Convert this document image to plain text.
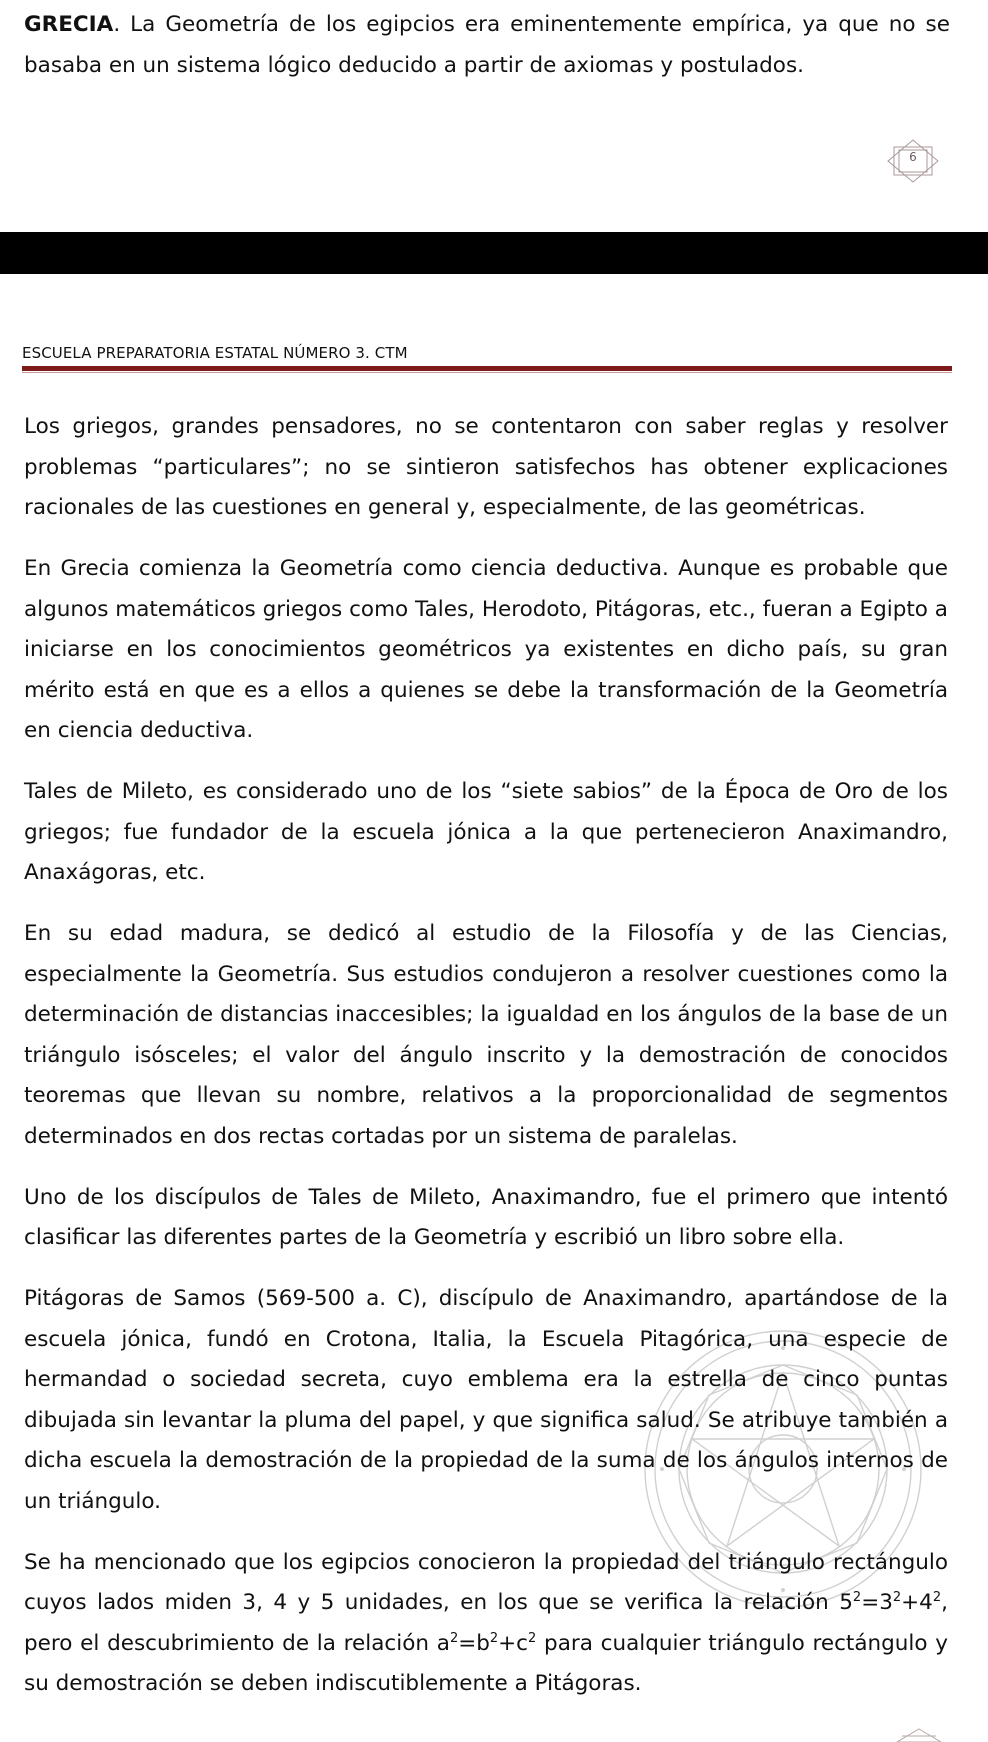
GRECIA. La Geometría de los egipcios era eminentemente empírica, ya que no se basaba en un sistema lógico deducido a partir de axiomas y postulados.
6
ESCUELA PREPARATORIA ESTATAL NÚMERO 3. CTM

Los griegos, grandes pensadores, no se contentaron con saber reglas y resolver problemas “particulares”; no se sintieron satisfechos has obtener explicaciones racionales de las cuestiones en general y, especialmente, de las geométricas.

En Grecia comienza la Geometría como ciencia deductiva. Aunque es probable que algunos matemáticos griegos como Tales, Herodoto, Pitágoras, etc., fueran a Egipto a iniciarse en los conocimientos geométricos ya existentes en dicho país, su gran mérito está en que es a ellos a quienes se debe la transformación de la Geometría en ciencia deductiva.

Tales de Mileto, es considerado uno de los “siete sabios” de la Época de Oro de los griegos; fue fundador de la escuela jónica a la que pertenecieron Anaximandro, Anaxágoras, etc.

En su edad madura, se dedicó al estudio de la Filosofía y de las Ciencias, especialmente la Geometría. Sus estudios condujeron a resolver cuestiones como la determinación de distancias inaccesibles; la igualdad en los ángulos de la base de un triángulo isósceles; el valor del ángulo inscrito y la demostración de conocidos teoremas que llevan su nombre, relativos a la proporcionalidad de segmentos determinados en dos rectas cortadas por un sistema de paralelas.

Uno de los discípulos de Tales de Mileto, Anaximandro, fue el primero que intentó clasificar las diferentes partes de la Geometría y escribió un libro sobre ella.

Pitágoras de Samos (569-500 a. C), discípulo de Anaximandro, apartándose de la escuela jónica, fundó en Crotona, Italia, la Escuela Pitagórica, una especie de hermandad o sociedad secreta, cuyo emblema era la estrella de cinco puntas dibujada sin levantar la pluma del papel, y que significa salud. Se atribuye también a dicha escuela la demostración de la propiedad de la suma de los ángulos internos de un triángulo.

Se ha mencionado que los egipcios conocieron la propiedad del triángulo rectángulo cuyos lados miden 3, 4 y 5 unidades, en los que se verifica la relación $5^2=3^2+4^2$, pero el descubrimiento de la relación $a^2=b^2+c^2$ para cualquier triángulo rectángulo y su demostración se deben indiscutiblemente a Pitágoras.
